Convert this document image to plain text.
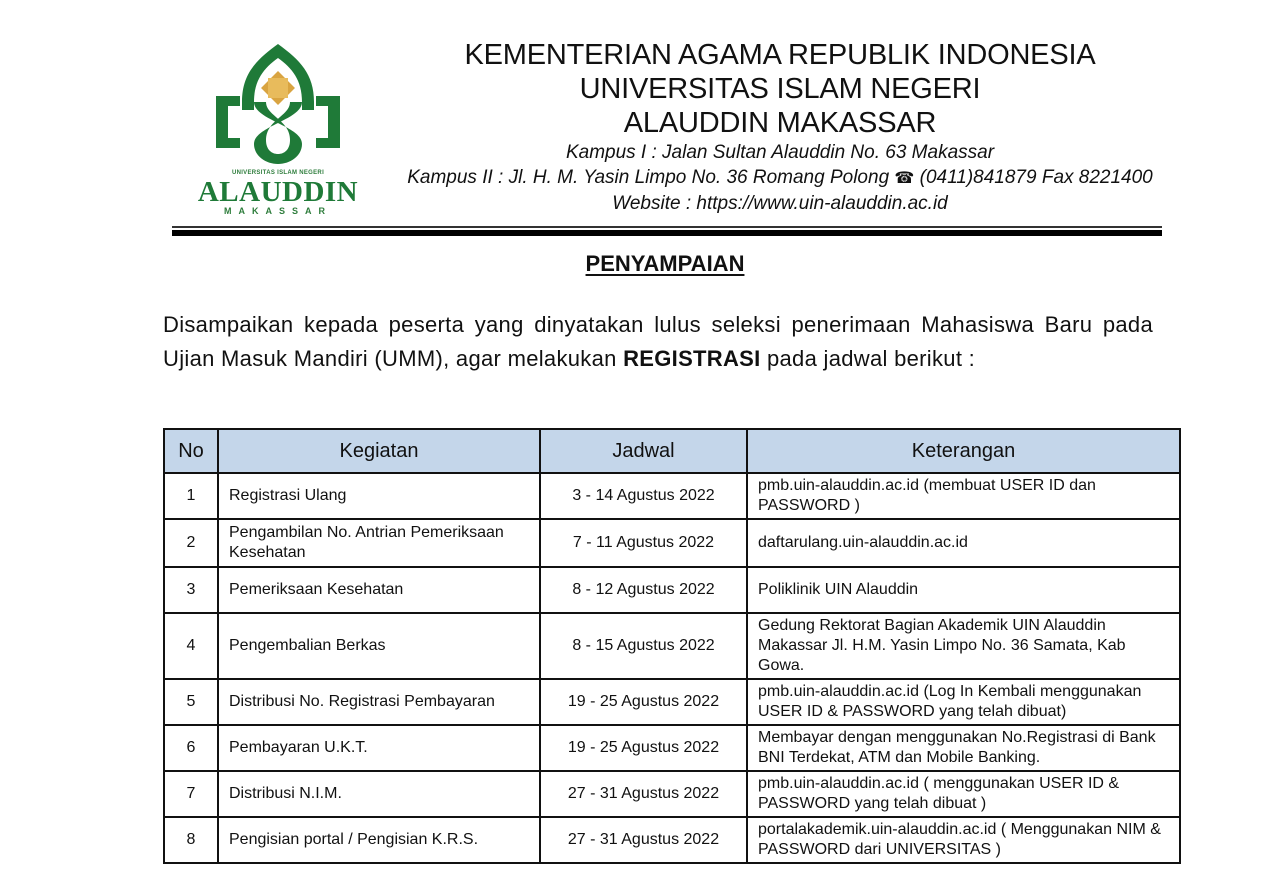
UNIVERSITAS ISLAM NEGERI
ALAUDDIN
MAKASSAR
KEMENTERIAN AGAMA REPUBLIK INDONESIA
UNIVERSITAS ISLAM NEGERI
ALAUDDIN MAKASSAR
Kampus I : Jalan Sultan Alauddin No. 63 Makassar
Kampus II : Jl. H. M. Yasin Limpo No. 36 Romang Polong ☎ (0411)841879 Fax 8221400
Website : https://www.uin-alauddin.ac.id
PENYAMPAIAN
Disampaikan kepada peserta yang dinyatakan lulus seleksi penerimaan Mahasiswa Baru pada Ujian Masuk Mandiri (UMM), agar melakukan REGISTRASI pada jadwal berikut :
No	Kegiatan	Jadwal	Keterangan
1	Registrasi Ulang	3 - 14 Agustus 2022	pmb.uin-alauddin.ac.id (membuat USER ID dan PASSWORD )
2	Pengambilan No. Antrian Pemeriksaan Kesehatan	7 - 11 Agustus 2022	daftarulang.uin-alauddin.ac.id
3	Pemeriksaan Kesehatan	8 - 12 Agustus 2022	Poliklinik UIN Alauddin
4	Pengembalian Berkas	8 - 15 Agustus 2022	Gedung Rektorat Bagian Akademik UIN Alauddin Makassar Jl. H.M. Yasin Limpo No. 36 Samata, Kab Gowa.
5	Distribusi No. Registrasi Pembayaran	19 - 25 Agustus 2022	pmb.uin-alauddin.ac.id (Log In Kembali menggunakan USER ID & PASSWORD yang telah dibuat)
6	Pembayaran U.K.T.	19 - 25 Agustus 2022	Membayar dengan menggunakan No.Registrasi di Bank BNI Terdekat, ATM dan Mobile Banking.
7	Distribusi N.I.M.	27 - 31 Agustus 2022	pmb.uin-alauddin.ac.id ( menggunakan USER ID & PASSWORD yang telah dibuat )
8	Pengisian portal / Pengisian K.R.S.	27 - 31 Agustus 2022	portalakademik.uin-alauddin.ac.id ( Menggunakan NIM & PASSWORD dari UNIVERSITAS )
